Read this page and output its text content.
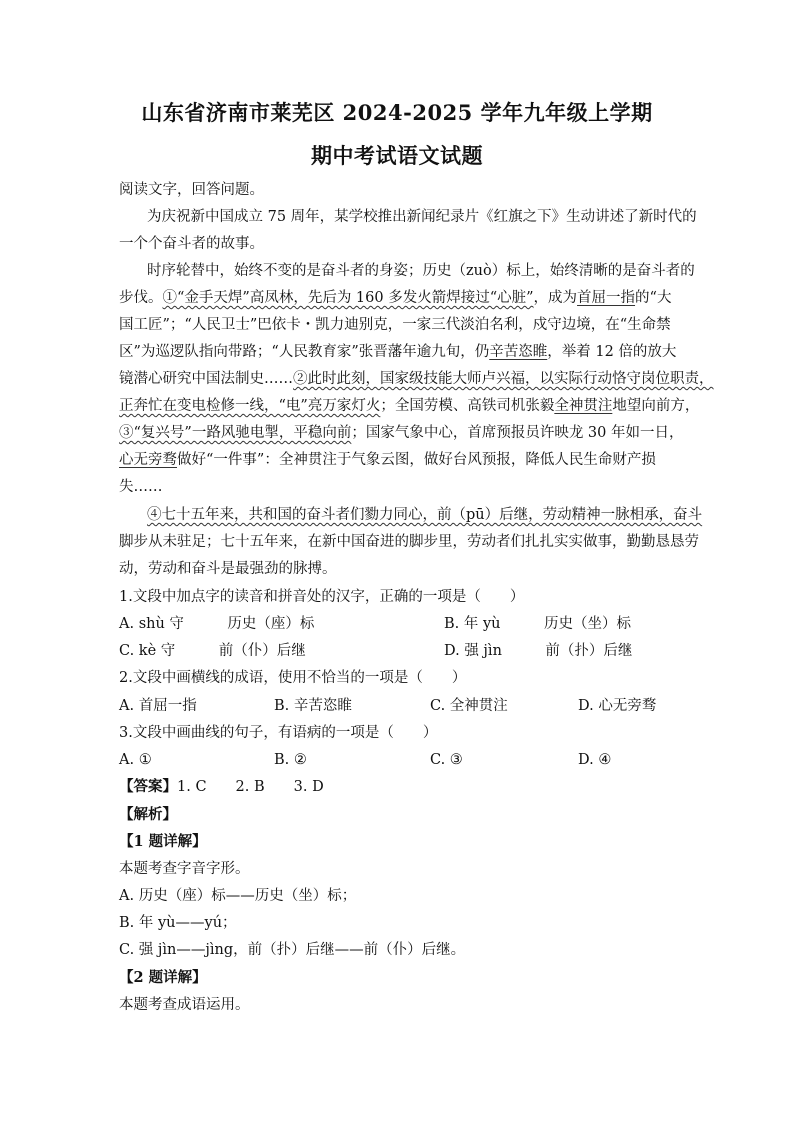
山东省济南市莱芜区 2024-2025 学年九年级上学期
期中考试语文试题
阅读文字，回答问题。
为庆祝新中国成立 75 周年，某学校推出新闻纪录片《红旗之下》生动讲述了新时代的
一个个奋斗者的故事。
时序轮替中，始终不变的是奋斗者的身姿；历史（zuò）标上，始终清晰的是奋斗者的
步伐。①“金手天焊”高凤林，先后为 160 多发火箭焊接过“心脏”，成为首屈一指的“大
国工匠”；“人民卫士”巴依卡・凯力迪别克，一家三代淡泊名利，戍守边境，在“生命禁
区”为巡逻队指向带路；“人民教育家”张晋藩年逾九旬，仍辛苦恣睢，举着 12 倍的放大
镜潜心研究中国法制史……②此时此刻，国家级技能大师卢兴福，以实际行动恪守岗位职责，
正奔忙在变电检修一线，“电”亮万家灯火；全国劳模、高铁司机张毅全神贯注地望向前方，
③“复兴号”一路风驰电掣，平稳向前；国家气象中心，首席预报员许映龙 30 年如一日，
心无旁骛做好“一件事”：全神贯注于气象云图，做好台风预报，降低人民生命财产损
失……
④七十五年来，共和国的奋斗者们勠力同心，前（pū）后继，劳动精神一脉相承，奋斗
脚步从未驻足；七十五年来，在新中国奋进的脚步里，劳动者们扎扎实实做事，勤勤恳恳劳
动，劳动和奋斗是最强劲的脉搏。
1.文段中加点字的读音和拼音处的汉字，正确的一项是（　　）
A. shù 守　　　历史（座）标	B. 年 yù　　　历史（坐）标
C. kè 守　　　前（仆）后继	D. 强 jìn　　　前（扑）后继
2.文段中画横线的成语，使用不恰当的一项是（　　）
A. 首屈一指	B. 辛苦恣睢	C. 全神贯注	D. 心无旁骛
3.文段中画曲线的句子，有语病的一项是（　　）
A. ①	B. ②	C. ③	D. ④
【答案】1. C　　2. B　　3. D
【解析】
【1 题详解】
本题考查字音字形。
A. 历史（座）标——历史（坐）标；
B. 年 yù——yú；
C. 强 jìn——jìng，前（扑）后继——前（仆）后继。
【2 题详解】
本题考查成语运用。
